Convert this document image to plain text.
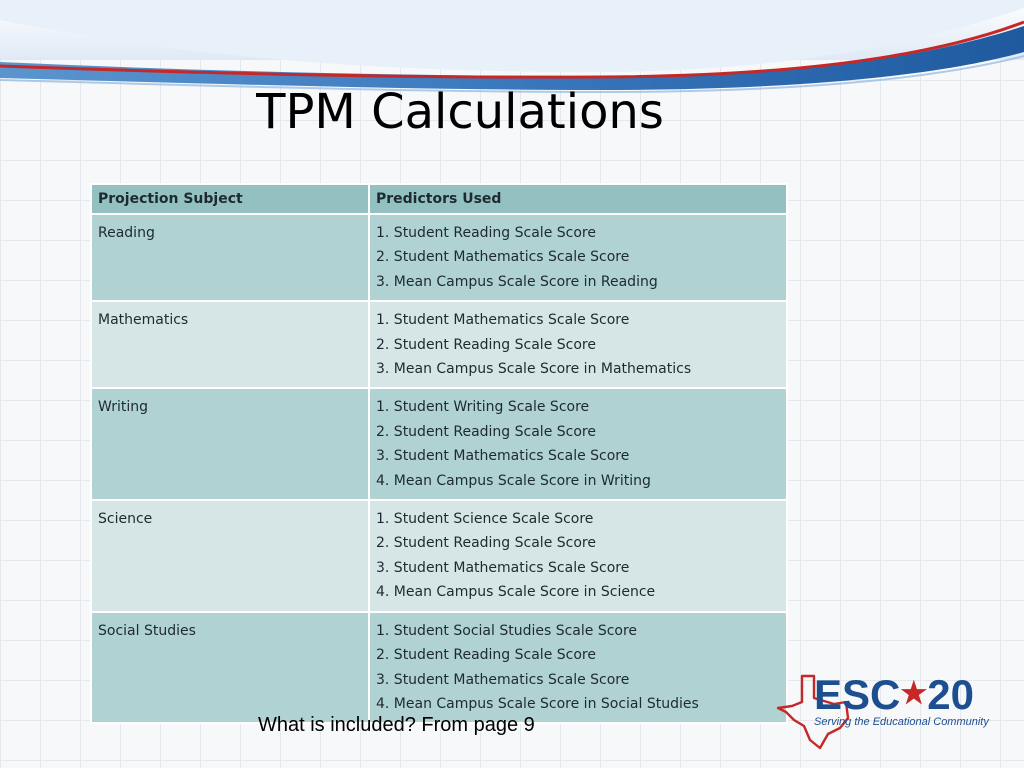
TPM Calculations
Projection Subject	Predictors Used
Reading	1. Student Reading Scale Score
2. Student Mathematics Scale Score
3. Mean Campus Scale Score in Reading

Mathematics	1. Student Mathematics Scale Score
2. Student Reading Scale Score
3. Mean Campus Scale Score in Mathematics

Writing	1. Student Writing Scale Score
2. Student Reading Scale Score
3. Student Mathematics Scale Score
4. Mean Campus Scale Score in Writing

Science	1. Student Science Scale Score
2. Student Reading Scale Score
3. Student Mathematics Scale Score
4. Mean Campus Scale Score in Science

Social Studies	1. Student Social Studies Scale Score
2. Student Reading Scale Score
3. Student Mathematics Scale Score
4. Mean Campus Scale Score in Social Studies
What is included? From page 9
ESC★20
Serving the Educational Community
